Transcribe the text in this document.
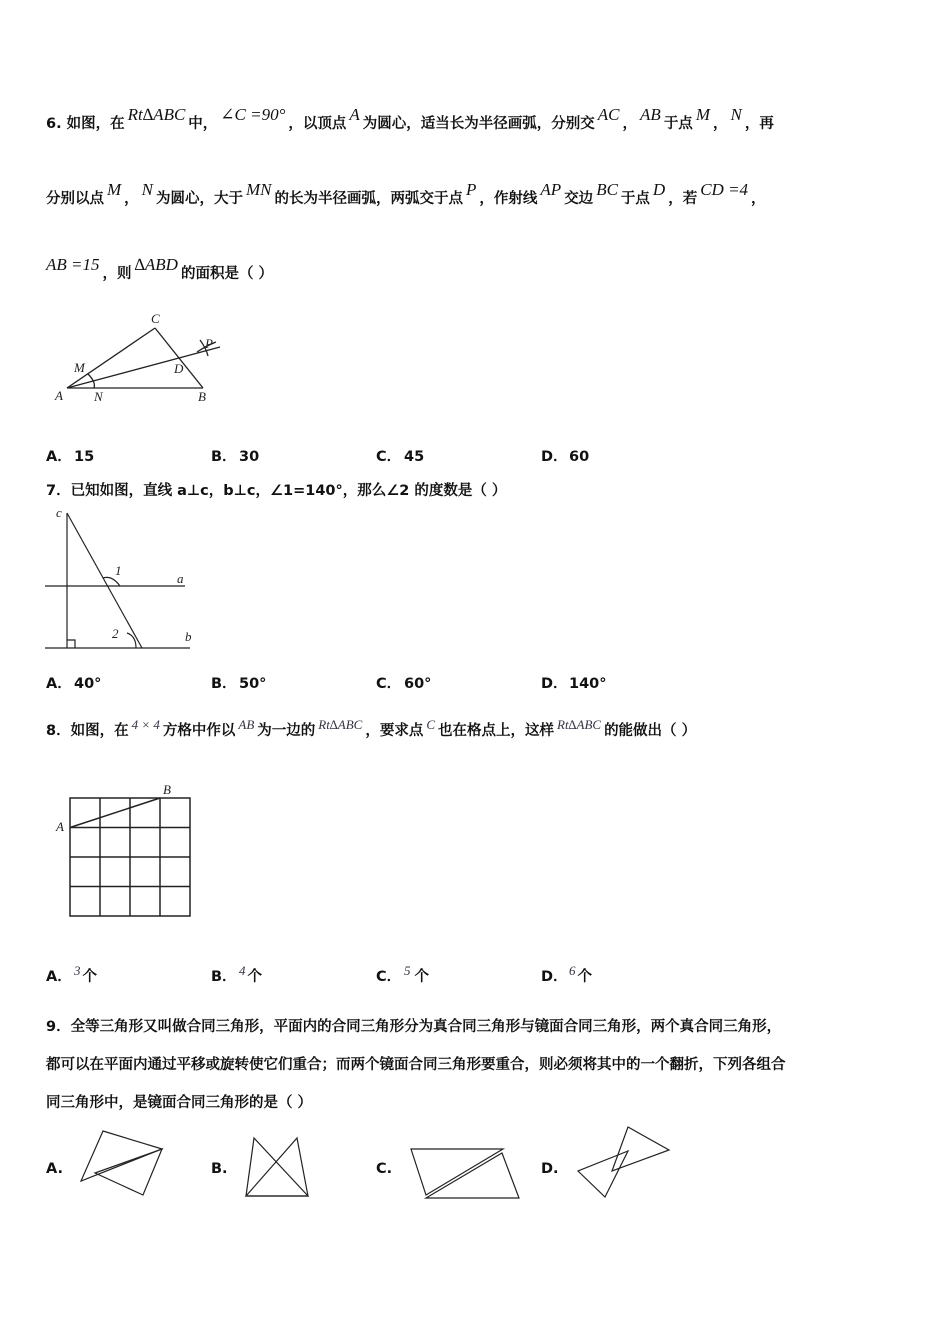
6. 如图，在 Rt∆ABC 中， ∠C =90° ，以顶点 A 为圆心，适当长为半径画弧，分别交 AC ， AB 于点 M ， N ，再
分别以点 M ， N 为圆心，大于 MN 的长为半径画弧，两弧交于点 P ，作射线 AP 交边 BC 于点 D ，若 CD =4 ，
AB =15 ，则 ∆ABD 的面积是（ ）
C
P
M	D
A N	B
A． 15	B． 30	C． 45	D．60
7．已知如图，直线 a⊥c，b⊥c，∠1=140°，那么∠2 的度数是（ ）
c
1
a
2	b
A． 40°	B． 50°	C． 60°	D．140°
8．如图，在 4 × 4 方格中作以 AB 为一边的 Rt∆ABC ，要求点 C 也在格点上，这样 Rt∆ABC 的能做出（ ）
A
B
A． 3 个	B． 4 个	C． 5 个	D．6 个
9．全等三角形又叫做合同三角形，平面内的合同三角形分为真合同三角形与镜面合同三角形，两个真合同三角形，
都可以在平面内通过平移或旋转使它们重合；而两个镜面合同三角形要重合，则必须将其中的一个翻折，下列各组合
同三角形中，是镜面合同三角形的是（ ）
A.	B.	C.	D.
